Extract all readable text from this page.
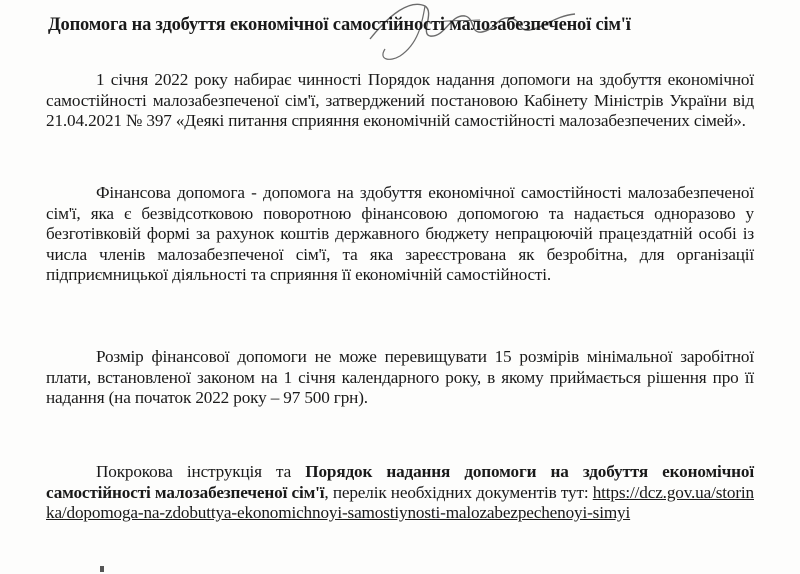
Допомога на здобуття економічної самостійності малозабезпеченої сім'ї
1 січня 2022 року набирає чинності Порядок надання допомоги на здобуття економічної самостійності малозабезпеченої сім'ї, затверджений постановою Кабінету Міністрів України від 21.04.2021 № 397 «Деякі питання сприяння економічній самостійності малозабезпечених сімей».
Фінансова допомога - допомога на здобуття економічної самостійності малозабезпеченої сім'ї, яка є безвідсотковою поворотною фінансовою допомогою та надається одноразово у безготівковій формі за рахунок коштів державного бюджету непрацюючій працездатній особі із числа членів малозабезпеченої сім'ї, та яка зареєстрована як безробітна, для організації підприємницької діяльності та сприяння її економічній самостійності.
Розмір фінансової допомоги не може перевищувати 15 розмірів мінімальної заробітної плати, встановленої законом на 1 січня календарного року, в якому приймається рішення про її надання (на початок 2022 року – 97 500 грн).
Покрокова інструкція та Порядок надання допомоги на здобуття економічної самостійності малозабезпеченої сім'ї, перелік необхідних документів тут: https://dcz.gov.ua/storinka/dopomoga-na-zdobuttya-ekonomichnoyi-samostiynosti-malozabezpechenoyi-simyi
